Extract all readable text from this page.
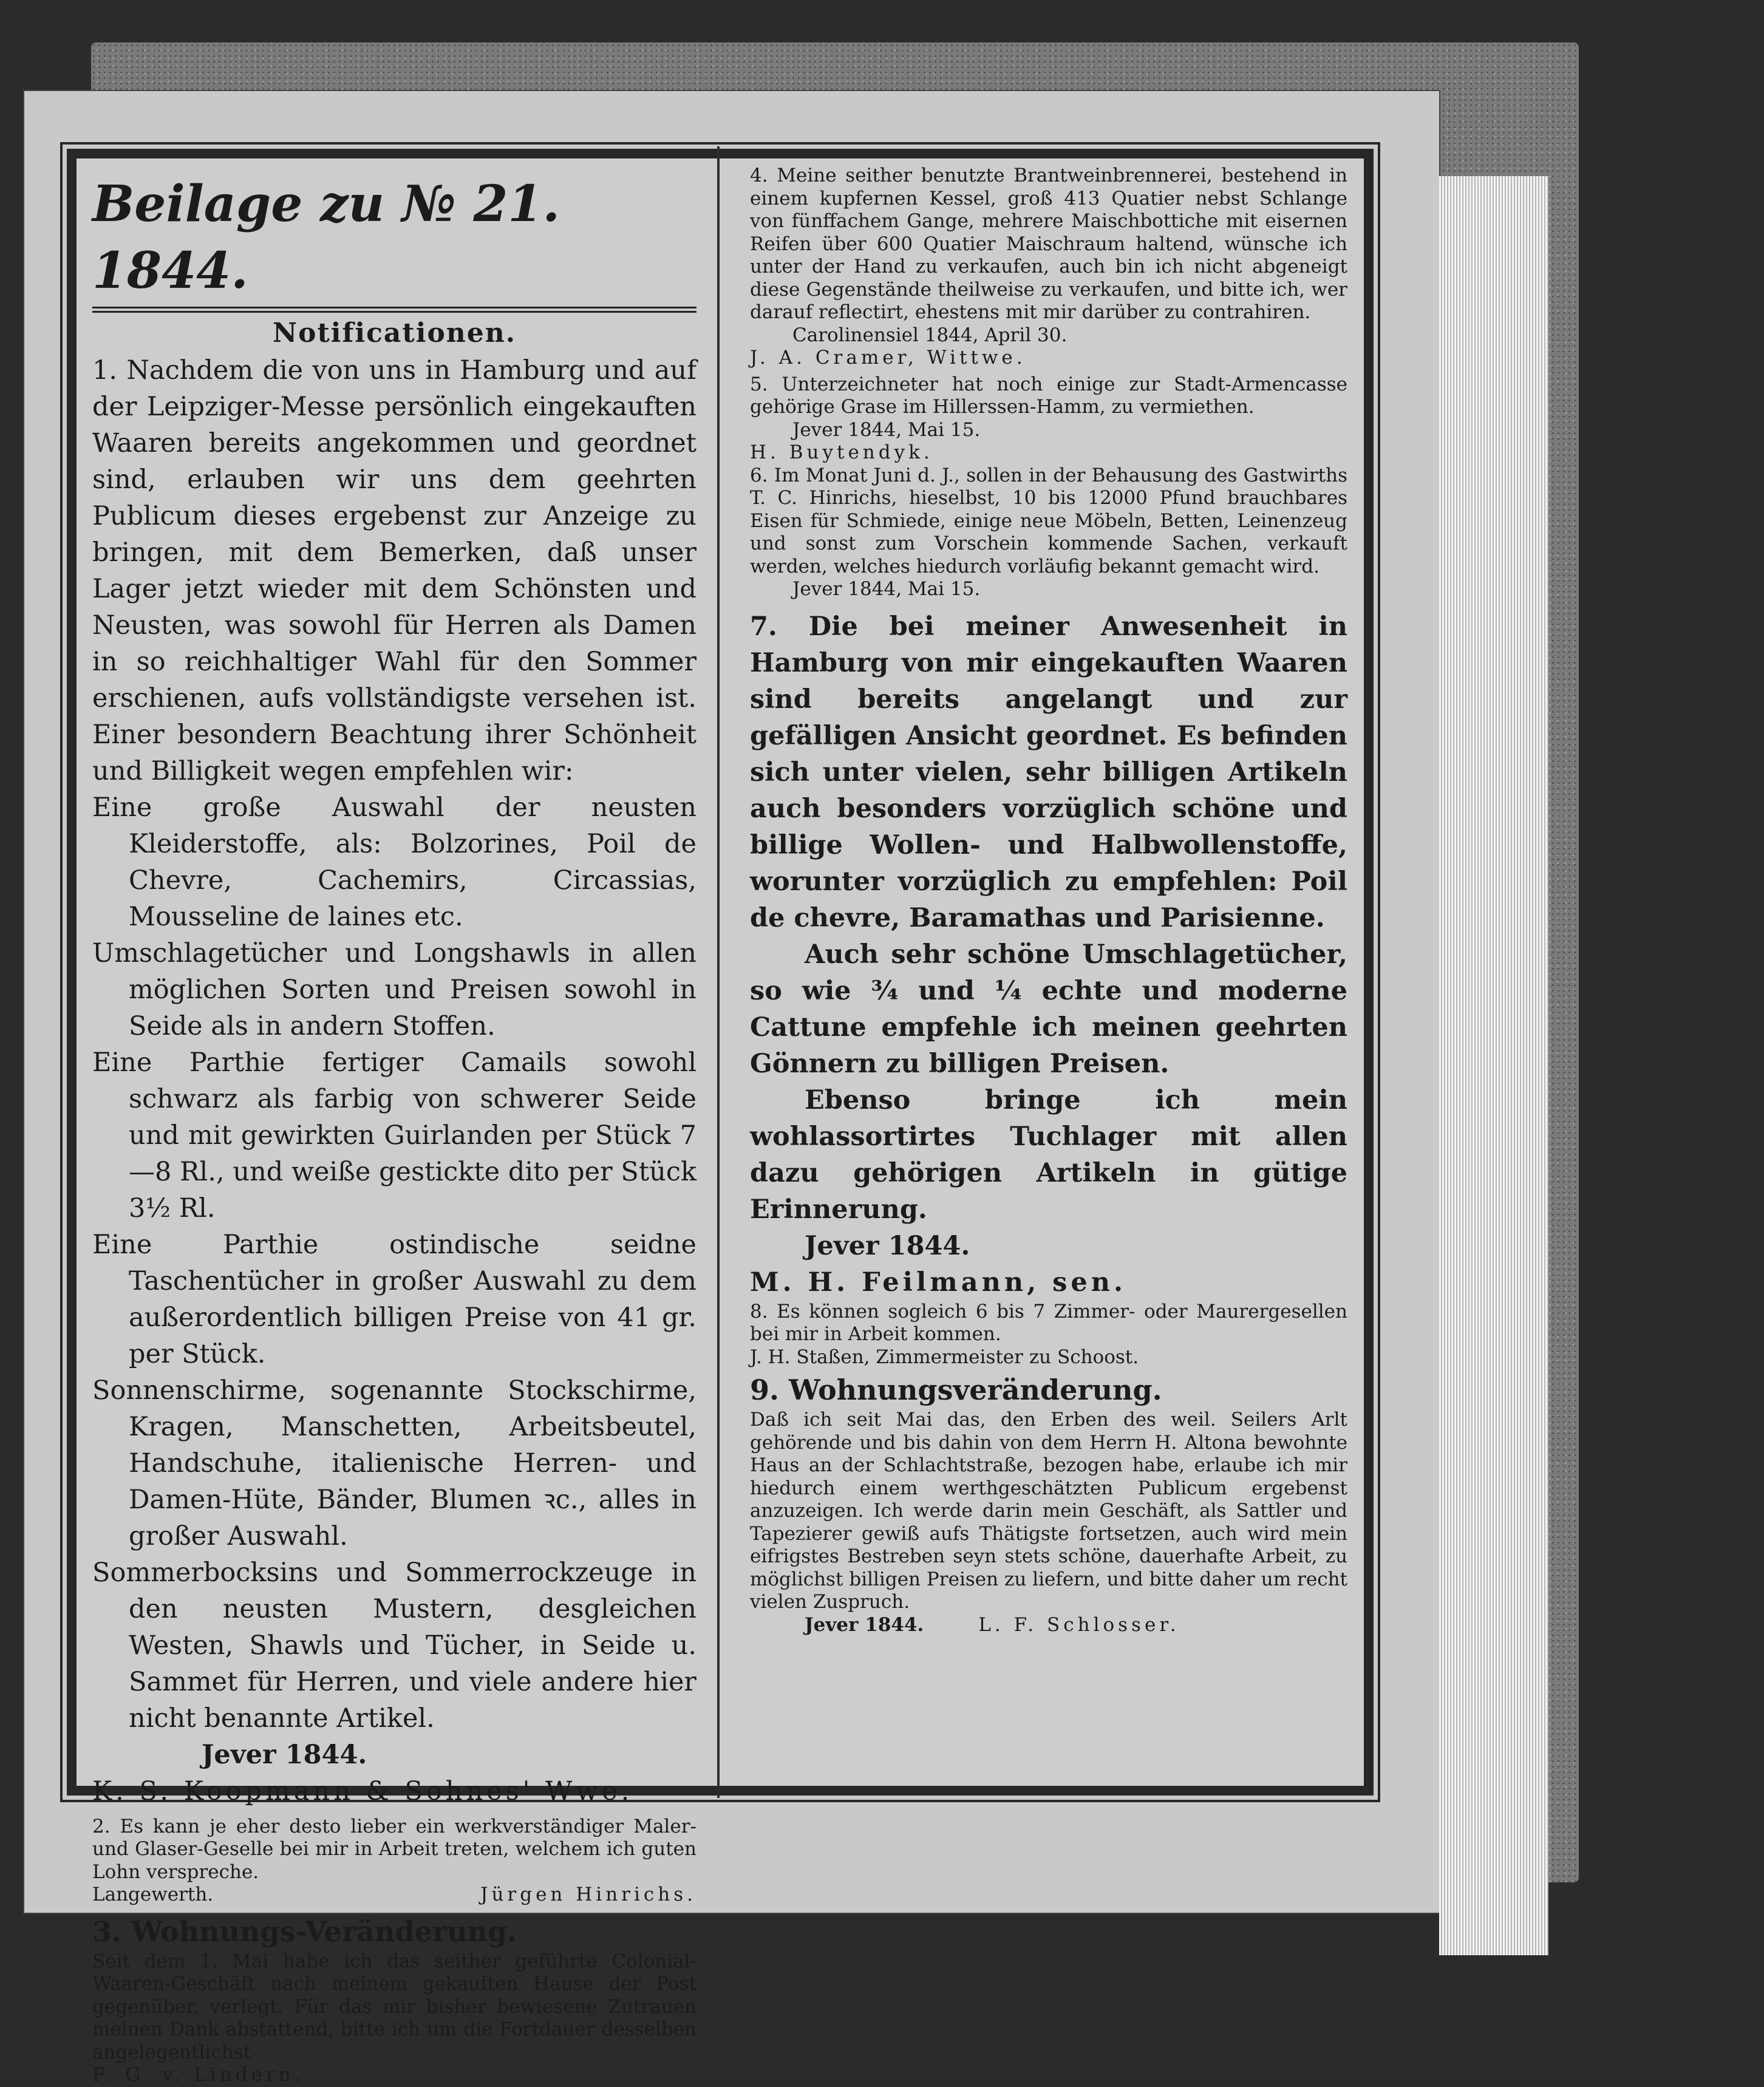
Beilage zu № 21. 1844.
Notificationen.

1. Nachdem die von uns in Hamburg und auf der Leipziger-Messe persönlich eingekauften Waaren bereits angekommen und geordnet sind, erlauben wir uns dem geehrten Publicum dieses ergebenst zur Anzeige zu bringen, mit dem Bemerken, daß unser Lager jetzt wieder mit dem Schönsten und Neusten, was sowohl für Herren als Damen in so reichhaltiger Wahl für den Sommer erschienen, aufs vollständigste versehen ist. Einer besondern Beachtung ihrer Schönheit und Billigkeit wegen empfehlen wir:

Eine große Auswahl der neusten Kleiderstoffe, als: Bolzorines, Poil de Chevre, Cachemirs, Circassias, Mousseline de laines etc.

Umschlagetücher und Longshawls in allen möglichen Sorten und Preisen sowohl in Seide als in andern Stoffen.

Eine Parthie fertiger Camails sowohl schwarz als farbig von schwerer Seide und mit gewirkten Guirlanden per Stück 7—8 Rl., und weiße gestickte dito per Stück 3½ Rl.

Eine Parthie ostindische seidne Taschentücher in großer Auswahl zu dem außerordentlich billigen Preise von 41 gr. per Stück.

Sonnenschirme, sogenannte Stockschirme, Kragen, Manschetten, Arbeitsbeutel, Handschuhe, italienische Herren- und Damen-Hüte, Bänder, Blumen ꝛc., alles in großer Auswahl.

Sommerbocksins und Sommerrockzeuge in den neusten Mustern, desgleichen Westen, Shawls und Tücher, in Seide u. Sammet für Herren, und viele andere hier nicht benannte Artikel.

Jever 1844.

K. S. Koopmann & Sohnes' Wwe.

2. Es kann je eher desto lieber ein werkverständiger Maler- und Glaser-Geselle bei mir in Arbeit treten, welchem ich guten Lohn verspreche.

Langewerth.	Jürgen Hinrichs.

3. Wohnungs-Veränderung.

Seit dem 1. Mai habe ich das seither geführte Colonial-Waaren-Geschäft nach meinem gekauften Hause der Post gegenüber, verlegt. Für das mir bisher bewiesene Zutrauen meinen Dank abstattend, bitte ich um die Fortdauer desselben angelegentlichst

F. G. v. Lindern.

4. Meine seither benutzte Brantweinbrennerei, bestehend in einem kupfernen Kessel, groß 413 Quatier nebst Schlange von fünffachem Gange, mehrere Maischbottiche mit eisernen Reifen über 600 Quatier Maischraum haltend, wünsche ich unter der Hand zu verkaufen, auch bin ich nicht abgeneigt diese Gegenstände theilweise zu verkaufen, und bitte ich, wer darauf reflectirt, ehestens mit mir darüber zu contrahiren.

Carolinensiel 1844, April 30.

J. A. Cramer, Wittwe.

5. Unterzeichneter hat noch einige zur Stadt-Armencasse gehörige Grase im Hillerssen-Hamm, zu vermiethen.

Jever 1844, Mai 15.

H. Buytendyk.

6. Im Monat Juni d. J., sollen in der Behausung des Gastwirths T. C. Hinrichs, hieselbst, 10 bis 12000 Pfund brauchbares Eisen für Schmiede, einige neue Möbeln, Betten, Leinenzeug und sonst zum Vorschein kommende Sachen, verkauft werden, welches hiedurch vorläufig bekannt gemacht wird.

Jever 1844, Mai 15.

7. Die bei meiner Anwesenheit in Hamburg von mir eingekauften Waaren sind bereits angelangt und zur gefälligen Ansicht geordnet. Es befinden sich unter vielen, sehr billigen Artikeln auch besonders vorzüglich schöne und billige Wollen- und Halbwollenstoffe, worunter vorzüglich zu empfehlen: Poil de chevre, Baramathas und Parisienne.

Auch sehr schöne Umschlagetücher, so wie ¾ und ¼ echte und moderne Cattune empfehle ich meinen geehrten Gönnern zu billigen Preisen.

Ebenso bringe ich mein wohlassortirtes Tuchlager mit allen dazu gehörigen Artikeln in gütige Erinnerung.

Jever 1844.

M. H. Feilmann, sen.

8. Es können sogleich 6 bis 7 Zimmer- oder Maurergesellen bei mir in Arbeit kommen.

J. H. Staßen, Zimmermeister zu Schoost.

9. Wohnungsveränderung.

Daß ich seit Mai das, den Erben des weil. Seilers Arlt gehörende und bis dahin von dem Herrn H. Altona bewohnte Haus an der Schlachtstraße, bezogen habe, erlaube ich mir hiedurch einem werthgeschätzten Publicum ergebenst anzuzeigen. Ich werde darin mein Geschäft, als Sattler und Tapezierer gewiß aufs Thätigste fortsetzen, auch wird mein eifrigstes Bestreben seyn stets schöne, dauerhafte Arbeit, zu möglichst billigen Preisen zu liefern, und bitte daher um recht vielen Zuspruch.

Jever 1844.	L. F. Schlosser.
